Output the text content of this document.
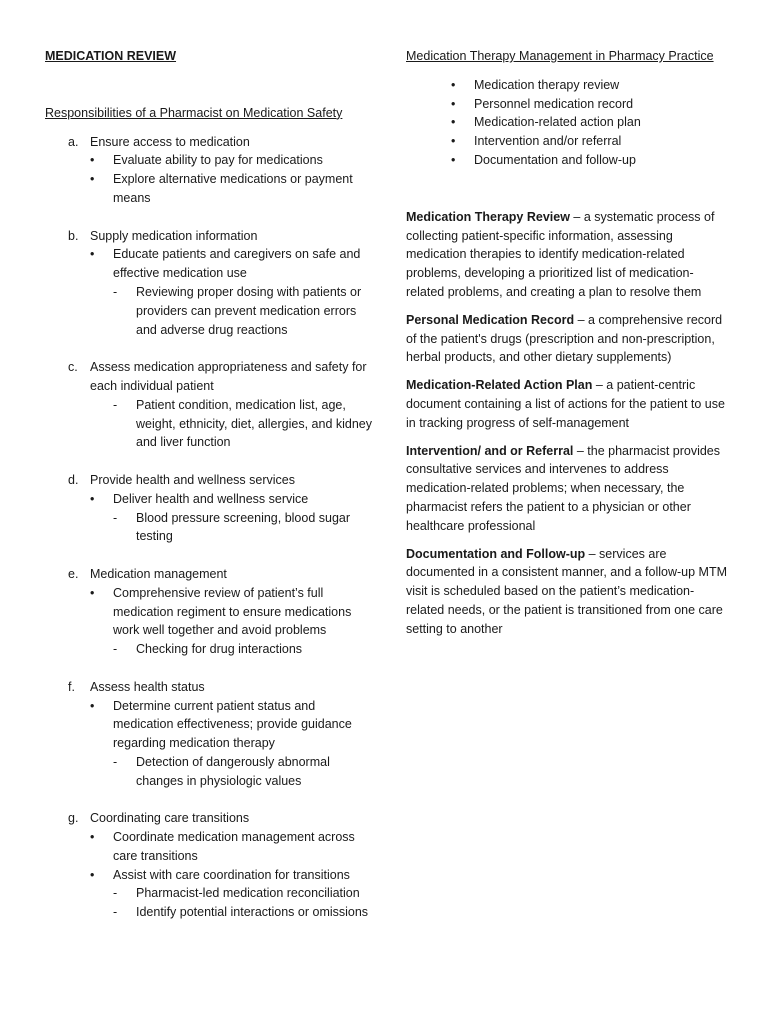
MEDICATION REVIEW

Responsibilities of a Pharmacist on Medication Safety

a. Ensure access to medication
•	Evaluate ability to pay for medications
•	Explore alternative medications or payment means
b. Supply medication information
•	Educate patients and caregivers on safe and effective medication use
-	Reviewing proper dosing with patients or providers can prevent medication errors and adverse drug reactions
c. Assess medication appropriateness and safety for each individual patient
-	Patient condition, medication list, age, weight, ethnicity, diet, allergies, and kidney and liver function
d. Provide health and wellness services
•	Deliver health and wellness service
-	Blood pressure screening, blood sugar testing
e. Medication management
•	Comprehensive review of patient’s full medication regiment to ensure medications work well together and avoid problems
-	Checking for drug interactions
f.	Assess health status
•	Determine current patient status and medication effectiveness; provide guidance regarding medication therapy
-	Detection of dangerously abnormal changes in physiologic values
g. Coordinating care transitions
•	Coordinate medication management across care transitions
•	Assist with care coordination for transitions
-	Pharmacist-led medication reconciliation
-	Identify potential interactions or omissions

Medication Therapy Management in Pharmacy Practice

•	Medication therapy review
•	Personnel medication record
•	Medication-related action plan
•	Intervention and/or referral
•	Documentation and follow-up

Medication Therapy Review – a systematic process of collecting patient-specific information, assessing medication therapies to identify medication-related problems, developing a prioritized list of medication-related problems, and creating a plan to resolve them

Personal Medication Record – a comprehensive record of the patient's drugs (prescription and non-prescription, herbal products, and other dietary supplements)

Medication-Related Action Plan – a patient-centric document containing a list of actions for the patient to use in tracking progress of self-management

Intervention/ and or Referral – the pharmacist provides consultative services and intervenes to address medication-related problems; when necessary, the pharmacist refers the patient to a physician or other healthcare professional

Documentation and Follow-up – services are documented in a consistent manner, and a follow-up MTM visit is scheduled based on the patient’s medication-related needs, or the patient is transitioned from one care setting to another
